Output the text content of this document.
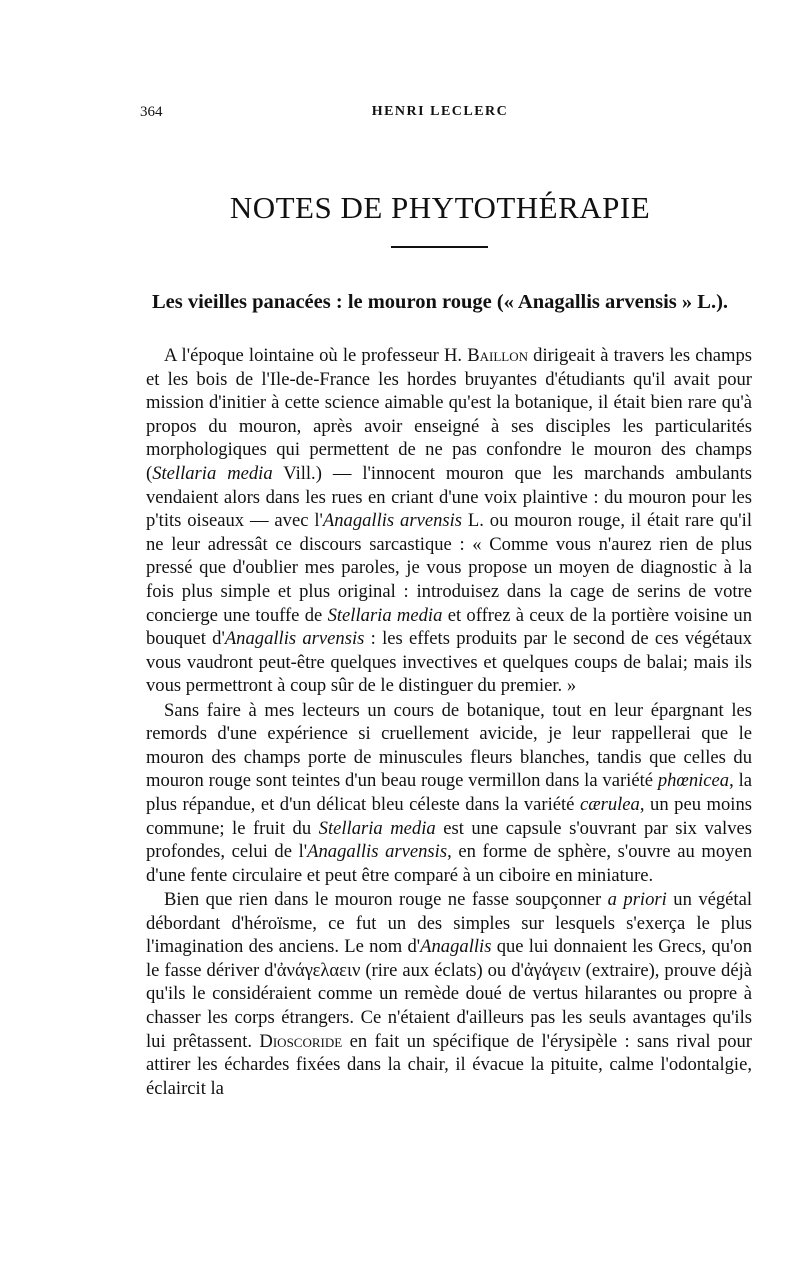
364	HENRI LECLERC
NOTES DE PHYTOTHÉRAPIE
Les vieilles panacées : le mouron rouge (« Anagallis arvensis » L.).

A l'époque lointaine où le professeur H. Baillon dirigeait à travers les champs et les bois de l'Ile-de-France les hordes bruyantes d'étudiants qu'il avait pour mission d'initier à cette science aimable qu'est la botanique, il était bien rare qu'à propos du mouron, après avoir enseigné à ses disciples les particularités morphologiques qui permettent de ne pas confondre le mouron des champs (Stellaria media Vill.) — l'innocent mouron que les marchands ambulants vendaient alors dans les rues en criant d'une voix plaintive : du mouron pour les p'tits oiseaux — avec l'Anagallis arvensis L. ou mouron rouge, il était rare qu'il ne leur adressât ce discours sarcastique : « Comme vous n'aurez rien de plus pressé que d'oublier mes paroles, je vous propose un moyen de diagnostic à la fois plus simple et plus original : introduisez dans la cage de serins de votre concierge une touffe de Stellaria media et offrez à ceux de la portière voisine un bouquet d'Anagallis arvensis : les effets produits par le second de ces végétaux vous vaudront peut-être quelques invectives et quelques coups de balai; mais ils vous permettront à coup sûr de le distinguer du premier. »

Sans faire à mes lecteurs un cours de botanique, tout en leur épargnant les remords d'une expérience si cruellement avicide, je leur rappellerai que le mouron des champs porte de minuscules fleurs blanches, tandis que celles du mouron rouge sont teintes d'un beau rouge vermillon dans la variété phœnicea, la plus répandue, et d'un délicat bleu céleste dans la variété cærulea, un peu moins commune; le fruit du Stellaria media est une capsule s'ouvrant par six valves profondes, celui de l'Anagallis arvensis, en forme de sphère, s'ouvre au moyen d'une fente circulaire et peut être comparé à un ciboire en miniature.

Bien que rien dans le mouron rouge ne fasse soupçonner a priori un végétal débordant d'héroïsme, ce fut un des simples sur lesquels s'exerça le plus l'imagination des anciens. Le nom d'Anagallis que lui donnaient les Grecs, qu'on le fasse dériver d'ἀνάγελαειν (rire aux éclats) ou d'ἀγάγειν (extraire), prouve déjà qu'ils le considéraient comme un remède doué de vertus hilarantes ou propre à chasser les corps étrangers. Ce n'étaient d'ailleurs pas les seuls avantages qu'ils lui prêtassent. Dioscoride en fait un spécifique de l'érysipèle : sans rival pour attirer les échardes fixées dans la chair, il évacue la pituite, calme l'odontalgie, éclaircit la
